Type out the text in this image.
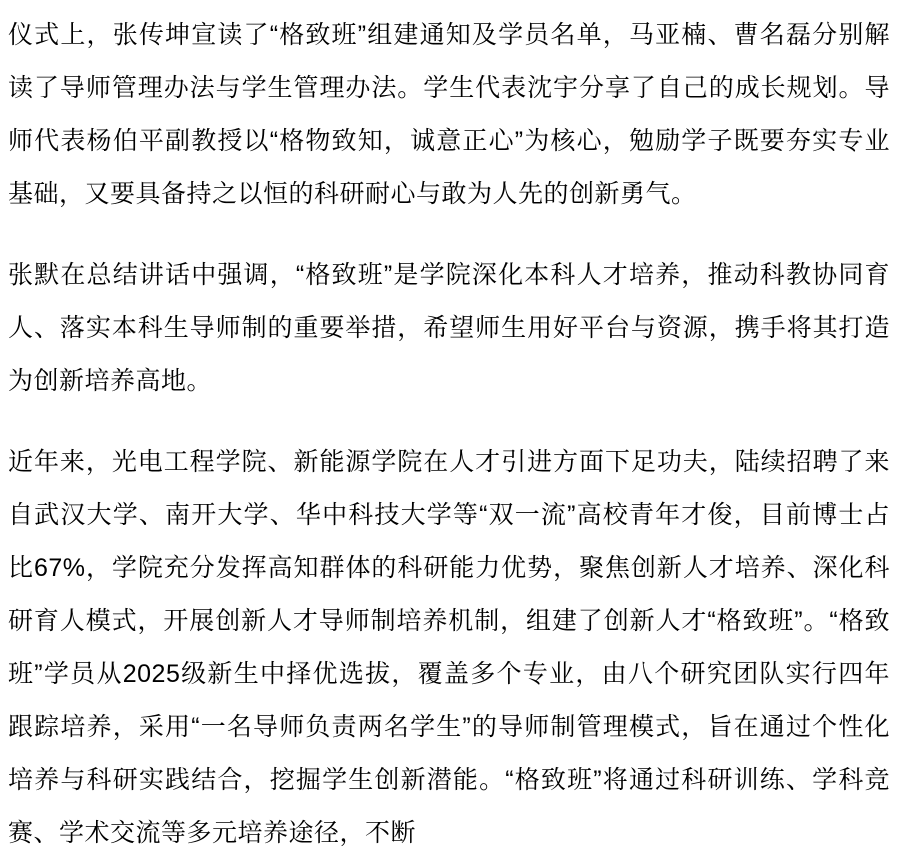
仪式上，张传坤宣读了“格致班”组建通知及学员名单，马亚楠、曹名磊分别解读了导师管理办法与学生管理办法。学生代表沈宇分享了自己的成长规划。导师代表杨伯平副教授以“格物致知，诚意正心”为核心，勉励学子既要夯实专业基础，又要具备持之以恒的科研耐心与敢为人先的创新勇气。

张默在总结讲话中强调，“格致班”是学院深化本科人才培养，推动科教协同育人、落实本科生导师制的重要举措，希望师生用好平台与资源，携手将其打造为创新培养高地。

近年来，光电工程学院、新能源学院在人才引进方面下足功夫，陆续招聘了来自武汉大学、南开大学、华中科技大学等“双一流”高校青年才俊，目前博士占比67%，学院充分发挥高知群体的科研能力优势，聚焦创新人才培养、深化科研育人模式，开展创新人才导师制培养机制，组建了创新人才“格致班”。“格致班”学员从2025级新生中择优选拔，覆盖多个专业，由八个研究团队实行四年跟踪培养，采用“一名导师负责两名学生”的导师制管理模式，旨在通过个性化培养与科研实践结合，挖掘学生创新潜能。“格致班”将通过科研训练、学科竞赛、学术交流等多元培养途径，不断
